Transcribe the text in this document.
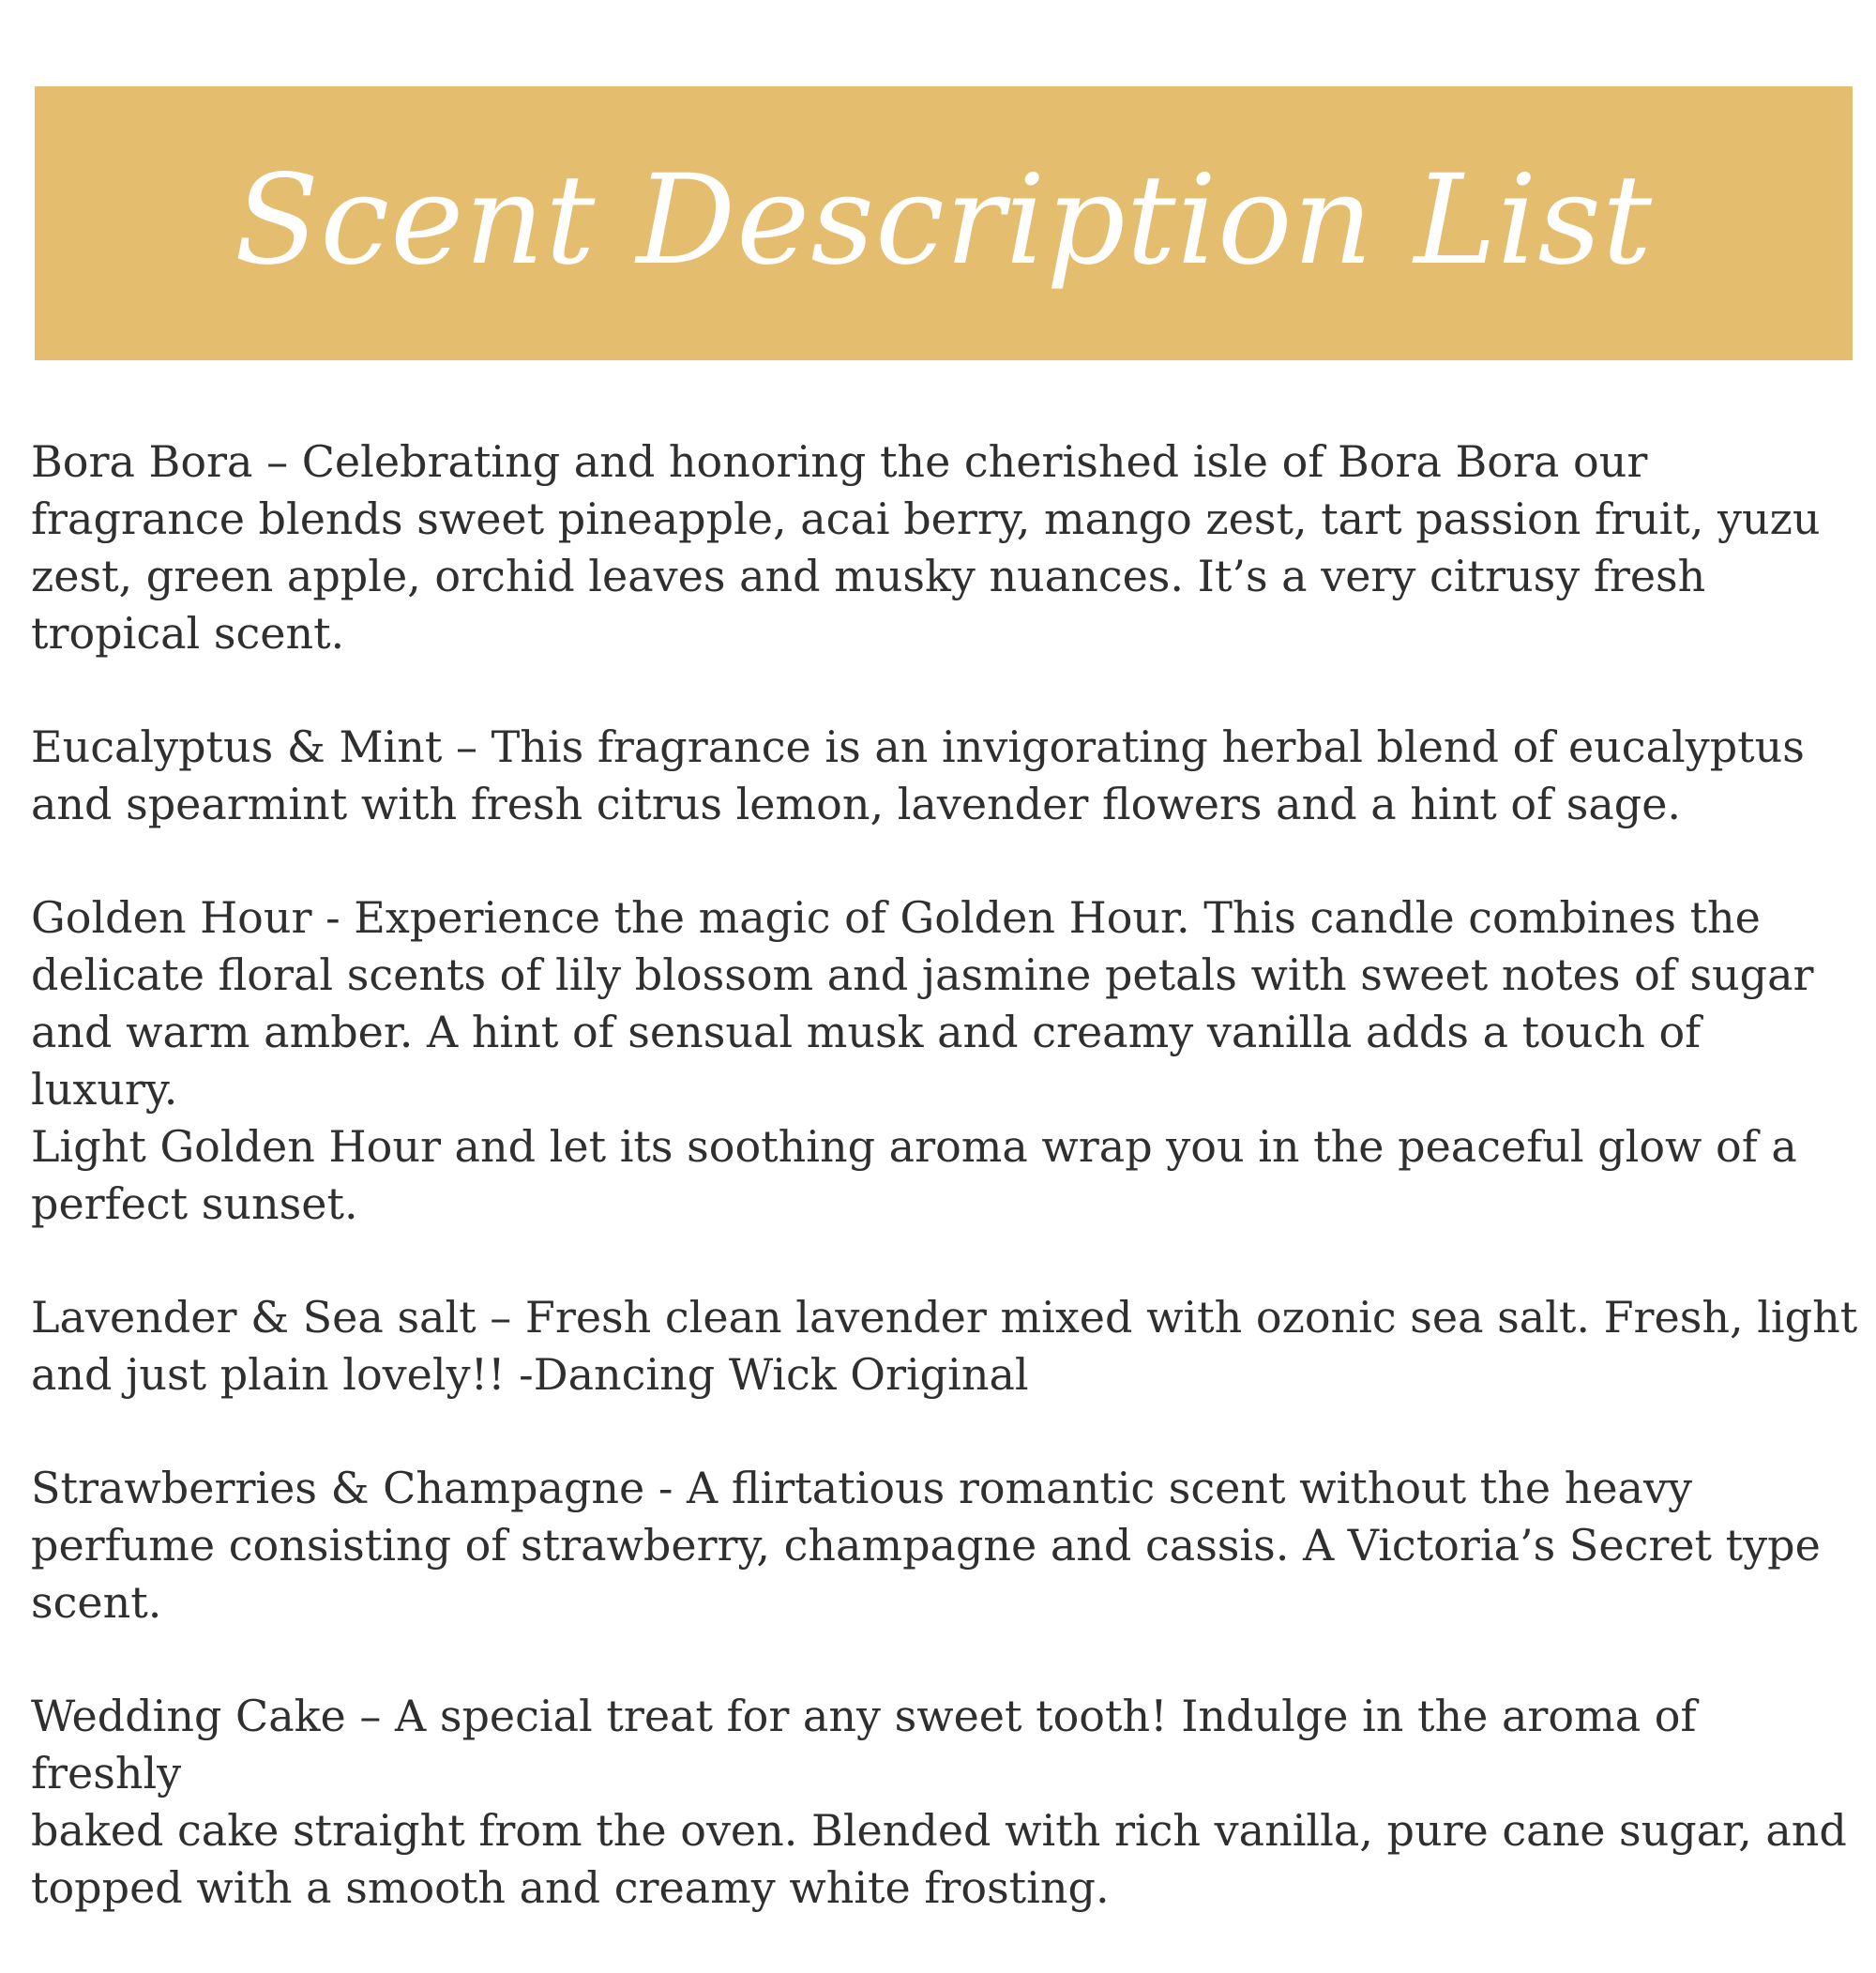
Scent Description List

Bora Bora – Celebrating and honoring the cherished isle of Bora Bora our
fragrance blends sweet pineapple, acai berry, mango zest, tart passion fruit, yuzu
zest, green apple, orchid leaves and musky nuances. It’s a very citrusy fresh
tropical scent.

Eucalyptus & Mint – This fragrance is an invigorating herbal blend of eucalyptus
and spearmint with fresh citrus lemon, lavender flowers and a hint of sage.

Golden Hour - Experience the magic of Golden Hour. This candle combines the
delicate floral scents of lily blossom and jasmine petals with sweet notes of sugar
and warm amber. A hint of sensual musk and creamy vanilla adds a touch of luxury.
Light Golden Hour and let its soothing aroma wrap you in the peaceful glow of a
perfect sunset.

Lavender & Sea salt – Fresh clean lavender mixed with ozonic sea salt. Fresh, light
and just plain lovely!! -Dancing Wick Original

Strawberries & Champagne - A flirtatious romantic scent without the heavy
perfume consisting of strawberry, champagne and cassis. A Victoria’s Secret type
scent.

Wedding Cake – A special treat for any sweet tooth! Indulge in the aroma of freshly
baked cake straight from the oven. Blended with rich vanilla, pure cane sugar, and
topped with a smooth and creamy white frosting.
